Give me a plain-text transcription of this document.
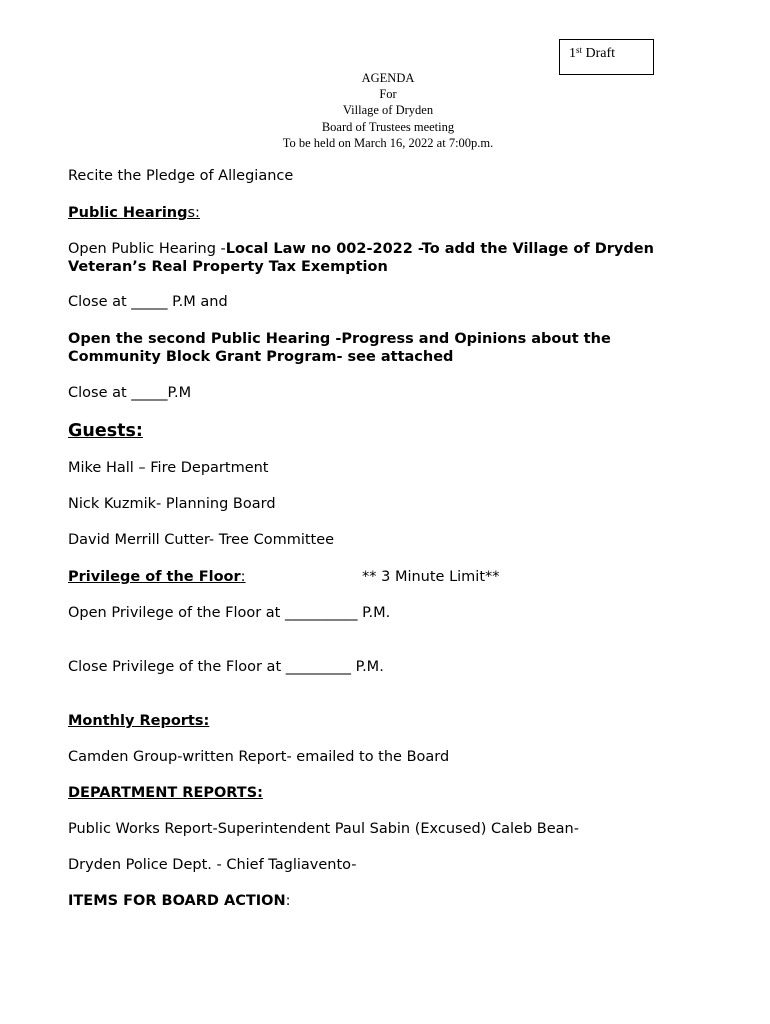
1st Draft
AGENDA
For
Village of Dryden
Board of Trustees meeting
To be held on March 16, 2022 at 7:00p.m.
Recite the Pledge of Allegiance
Public Hearings:
Open Public Hearing -Local Law no 002-2022 -To add the Village of Dryden
Veteran’s Real Property Tax Exemption
Close at _____ P.M and
Open the second Public Hearing -Progress and Opinions about the
Community Block Grant Program- see attached
Close at _____P.M
Guests:
Mike Hall – Fire Department
Nick Kuzmik- Planning Board
David Merrill Cutter- Tree Committee
Privilege of the Floor:	** 3 Minute Limit**
Open Privilege of the Floor at __________ P.M.
Close Privilege of the Floor at _________ P.M.
Monthly Reports:
Camden Group-written Report- emailed to the Board
DEPARTMENT REPORTS:
Public Works Report-Superintendent Paul Sabin (Excused) Caleb Bean-
Dryden Police Dept. - Chief Tagliavento-
ITEMS FOR BOARD ACTION:
